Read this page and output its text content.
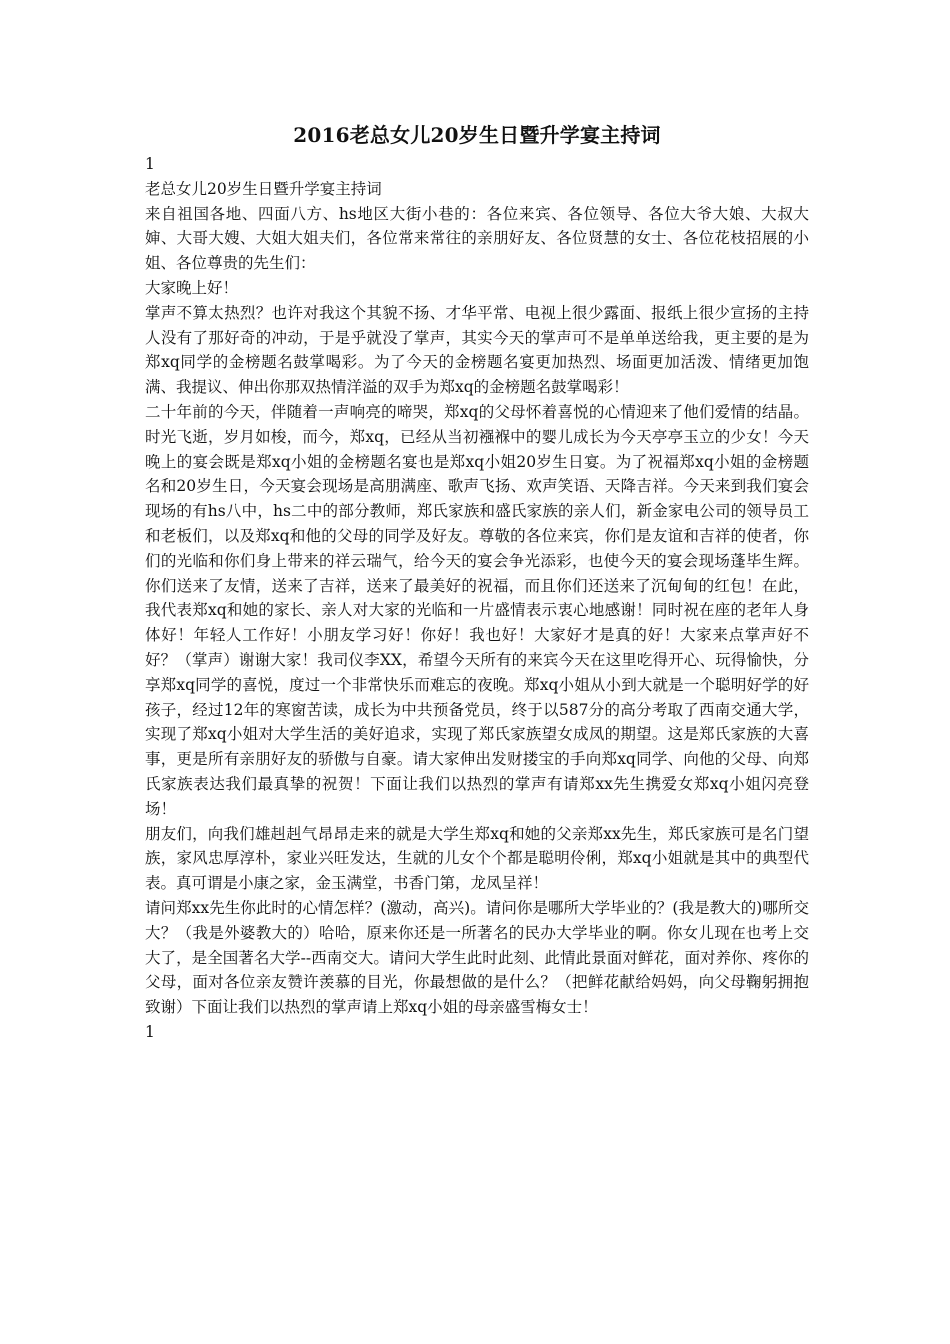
2016老总女儿20岁生日暨升学宴主持词

1

老总女儿20岁生日暨升学宴主持词

来自祖国各地、四面八方、hs地区大街小巷的：各位来宾、各位领导、各位大爷大娘、大叔大婶、大哥大嫂、大姐大姐夫们，各位常来常往的亲朋好友、各位贤慧的女士、各位花枝招展的小姐、各位尊贵的先生们：

大家晚上好！

掌声不算太热烈？也许对我这个其貌不扬、才华平常、电视上很少露面、报纸上很少宣扬的主持人没有了那好奇的冲动，于是乎就没了掌声，其实今天的掌声可不是单单送给我，更主要的是为郑xq同学的金榜题名鼓掌喝彩。为了今天的金榜题名宴更加热烈、场面更加活泼、情绪更加饱满、我提议、伸出你那双热情洋溢的双手为郑xq的金榜题名鼓掌喝彩！

二十年前的今天，伴随着一声响亮的啼哭，郑xq的父母怀着喜悦的心情迎来了他们爱情的结晶。时光飞逝，岁月如梭，而今，郑xq，已经从当初襁褓中的婴儿成长为今天亭亭玉立的少女！今天晚上的宴会既是郑xq小姐的金榜题名宴也是郑xq小姐20岁生日宴。为了祝福郑xq小姐的金榜题名和20岁生日，今天宴会现场是高朋满座、歌声飞扬、欢声笑语、天降吉祥。今天来到我们宴会现场的有hs八中，hs二中的部分教师，郑氏家族和盛氏家族的亲人们，新金家电公司的领导员工和老板们，以及郑xq和他的父母的同学及好友。尊敬的各位来宾，你们是友谊和吉祥的使者，你们的光临和你们身上带来的祥云瑞气，给今天的宴会争光添彩，也使今天的宴会现场蓬毕生辉。你们送来了友情，送来了吉祥，送来了最美好的祝福，而且你们还送来了沉甸甸的红包！在此，我代表郑xq和她的家长、亲人对大家的光临和一片盛情表示衷心地感谢！同时祝在座的老年人身体好！年轻人工作好！小朋友学习好！你好！我也好！大家好才是真的好！大家来点掌声好不好？（掌声）谢谢大家！我司仪李XX，希望今天所有的来宾今天在这里吃得开心、玩得愉快，分享郑xq同学的喜悦，度过一个非常快乐而难忘的夜晚。郑xq小姐从小到大就是一个聪明好学的好孩子，经过12年的寒窗苦读，成长为中共预备党员，终于以587分的高分考取了西南交通大学，实现了郑xq小姐对大学生活的美好追求，实现了郑氏家族望女成凤的期望。这是郑氏家族的大喜事，更是所有亲朋好友的骄傲与自豪。请大家伸出发财搂宝的手向郑xq同学、向他的父母、向郑氏家族表达我们最真挚的祝贺！下面让我们以热烈的掌声有请郑xx先生携爱女郑xq小姐闪亮登场！

朋友们，向我们雄赳赳气昂昂走来的就是大学生郑xq和她的父亲郑xx先生，郑氏家族可是名门望族，家风忠厚淳朴，家业兴旺发达，生就的儿女个个都是聪明伶俐，郑xq小姐就是其中的典型代表。真可谓是小康之家，金玉满堂，书香门第，龙凤呈祥！

请问郑xx先生你此时的心情怎样？(激动，高兴)。请问你是哪所大学毕业的？(我是教大的)哪所交大？（我是外婆教大的）哈哈，原来你还是一所著名的民办大学毕业的啊。你女儿现在也考上交大了，是全国著名大学--西南交大。请问大学生此时此刻、此情此景面对鲜花，面对养你、疼你的父母，面对各位亲友赞许羡慕的目光，你最想做的是什么？（把鲜花献给妈妈，向父母鞠躬拥抱致谢）下面让我们以热烈的掌声请上郑xq小姐的母亲盛雪梅女士！

1
